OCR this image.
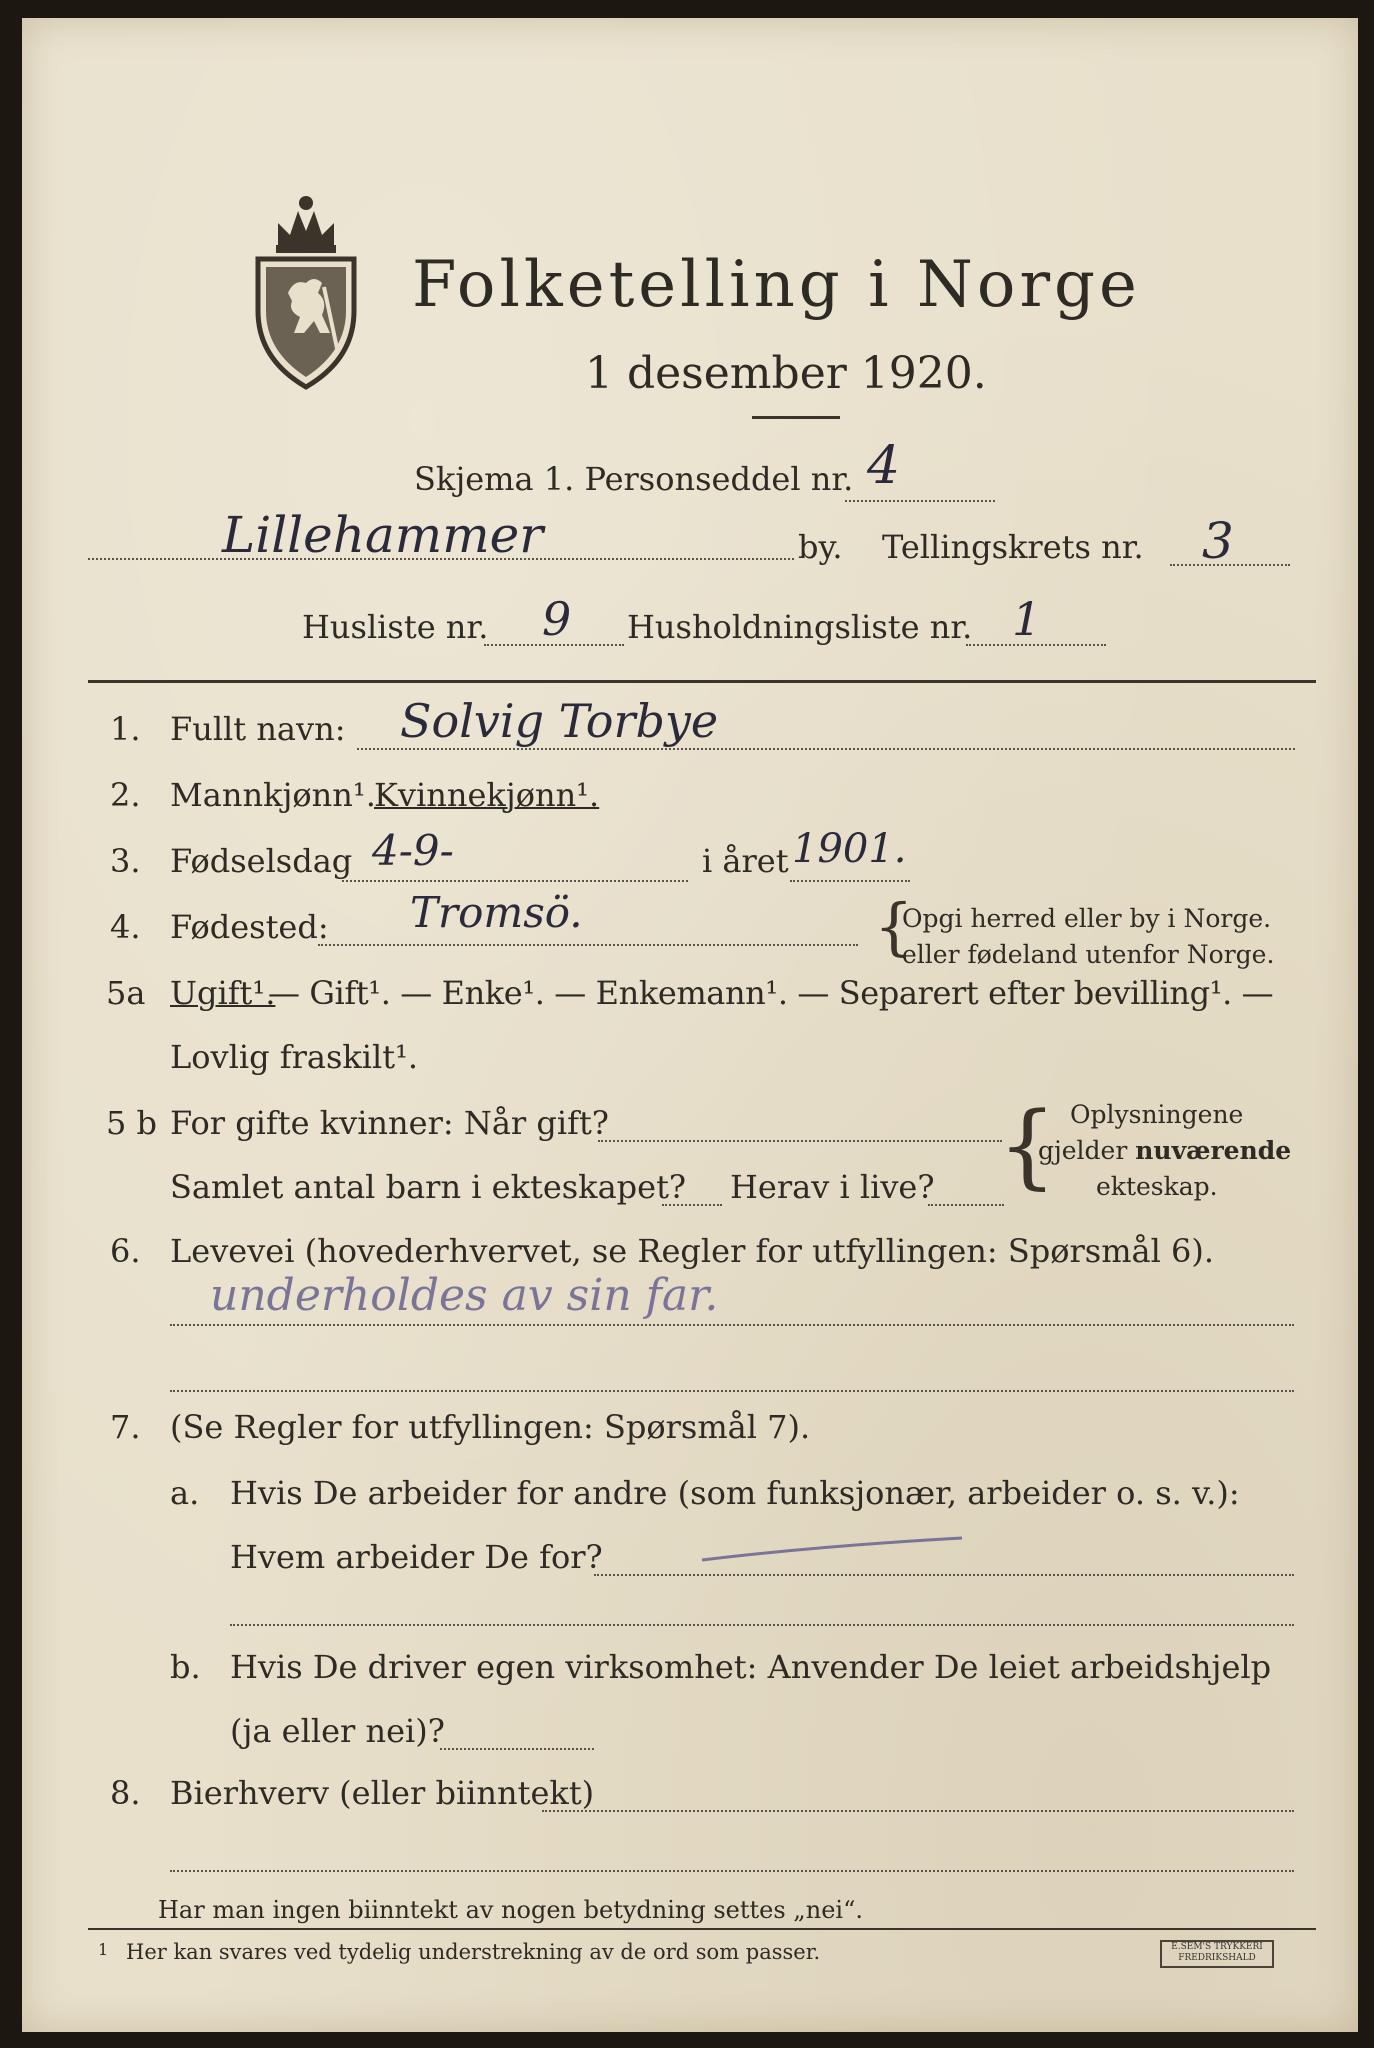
Folketelling i Norge
1 desember 1920.
Skjema 1. Personseddel nr. 4
Lillehammer	by. Tellingskrets nr. 3
Husliste nr. 9 Husholdningsliste nr. 1
1. Fullt navn: Solvig Torbye
2. Mannkjønn¹.
Kvinnekjønn¹.
3. Fødselsdag 4-9-	i året 1901.
4. Fødested: Tromsö.	{
Opgi herred eller by i Norge.
eller fødeland utenfor Norge.
5a Ugift¹.
— Gift¹. — Enke¹. — Enkemann¹. — Separert efter bevilling¹. —
Lovlig fraskilt¹.
5 b For gifte kvinner: Når gift?
Samlet antal barn i ekteskapet? Herav i live? { Oplysningene
gjelder nuværende
ekteskap.
6. Levevei (hovederhvervet, se Regler for utfyllingen: Spørsmål 6).
underholdes av sin far.
7. (Se Regler for utfyllingen: Spørsmål 7).
a. Hvis De arbeider for andre (som funksjonær, arbeider o. s. v.):
Hvem arbeider De for?
b. Hvis De driver egen virksomhet: Anvender De leiet arbeidshjelp
(ja eller nei)?
8. Bierhverv (eller biinntekt)
Har man ingen biinntekt av nogen betydning settes „nei“.
1 Her kan svares ved tydelig understrekning av de ord som passer.	E.SEM'S TRYKKERI
FREDRIKSHALD
